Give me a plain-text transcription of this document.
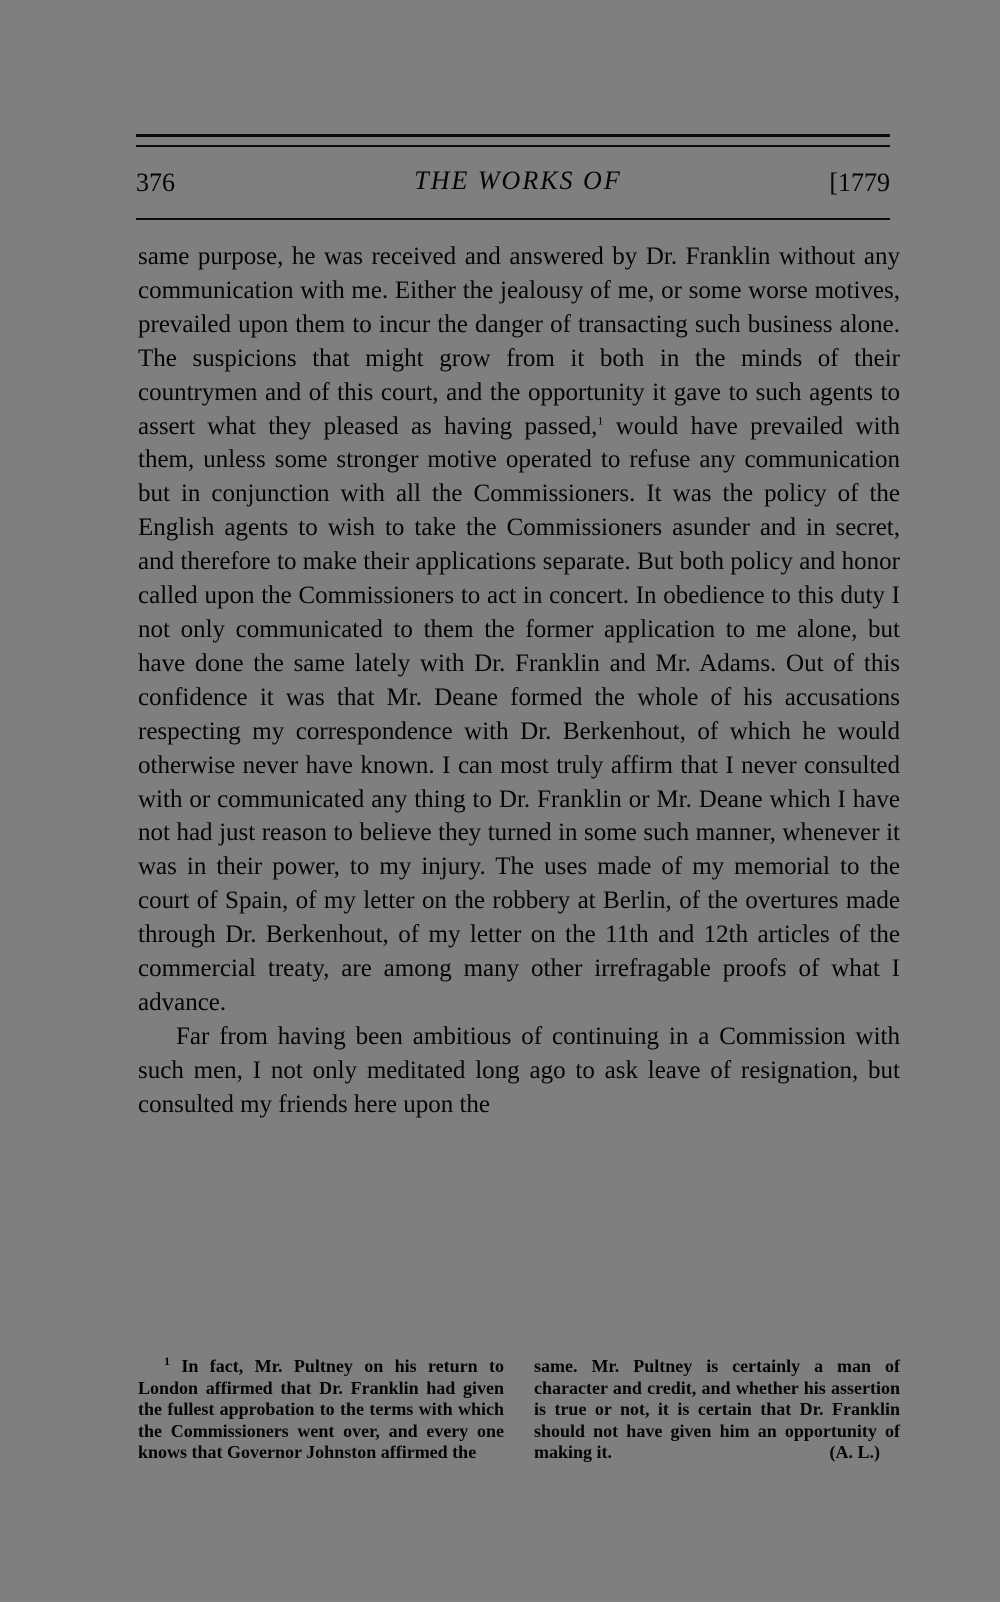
376	THE WORKS OF	[1779

same purpose, he was received and answered by Dr. Franklin without any communication with me. Either the jealousy of me, or some worse motives, prevailed upon them to incur the danger of transacting such business alone. The suspicions that might grow from it both in the minds of their countrymen and of this court, and the opportunity it gave to such agents to assert what they pleased as having passed,$^1$ would have prevailed with them, unless some stronger motive operated to refuse any communication but in conjunction with all the Commissioners. It was the policy of the English agents to wish to take the Commissioners asunder and in secret, and therefore to make their applications separate. But both policy and honor called upon the Commissioners to act in concert. In obedience to this duty I not only communicated to them the former application to me alone, but have done the same lately with Dr. Franklin and Mr. Adams. Out of this confidence it was that Mr. Deane formed the whole of his accusations respecting my correspondence with Dr. Berkenhout, of which he would otherwise never have known. I can most truly affirm that I never consulted with or communicated any thing to Dr. Franklin or Mr. Deane which I have not had just reason to believe they turned in some such manner, whenever it was in their power, to my injury. The uses made of my memorial to the court of Spain, of my letter on the robbery at Berlin, of the overtures made through Dr. Berkenhout, of my letter on the 11th and 12th articles of the commercial treaty, are among many other irrefragable proofs of what I advance.

Far from having been ambitious of continuing in a Commission with such men, I not only meditated long ago to ask leave of resignation, but consulted my friends here upon the

$^1$ In fact, Mr. Pultney on his return to London affirmed that Dr. Franklin had given the fullest approbation to the terms with which the Commissioners went over, and every one knows that Governor Johnston affirmed the
same. Mr. Pultney is certainly a man of character and credit, and whether his assertion is true or not, it is certain that Dr. Franklin should not have given him an opportunity of making it.	(A. L.)
